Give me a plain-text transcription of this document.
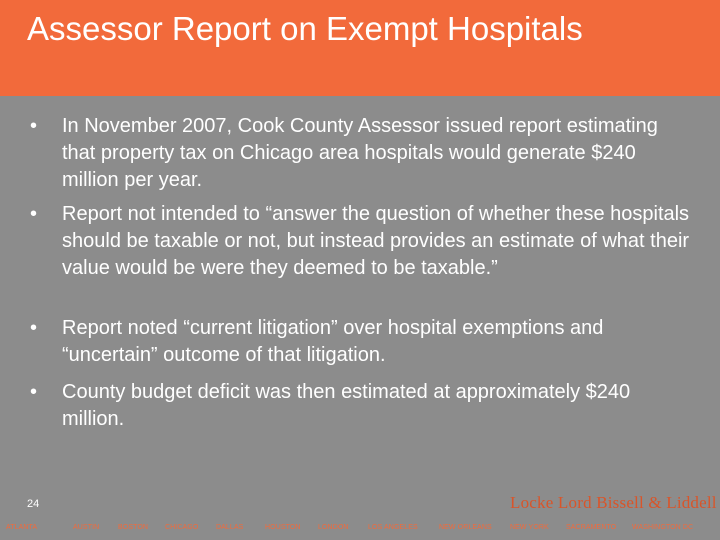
Assessor Report on Exempt Hospitals
• In November 2007, Cook County Assessor issued report estimating that property tax on Chicago area hospitals would generate $240 million per year.
• Report not intended to “answer the question of whether these hospitals should be taxable or not, but instead provides an estimate of what their value would be were they deemed to be taxable.”
• Report noted “current litigation” over hospital exemptions and “uncertain” outcome of that litigation.
• County budget deficit was then estimated at approximately $240 million.
24	Locke Lord Bissell & Liddell
ATLANTA	AUSTIN	BOSTON CHICAGO	DALLAS	HOUSTON LONDON	LOS ANGELES	NEW ORLEANS	NEW YORK SACRAMENTO WASHINGTON DC
